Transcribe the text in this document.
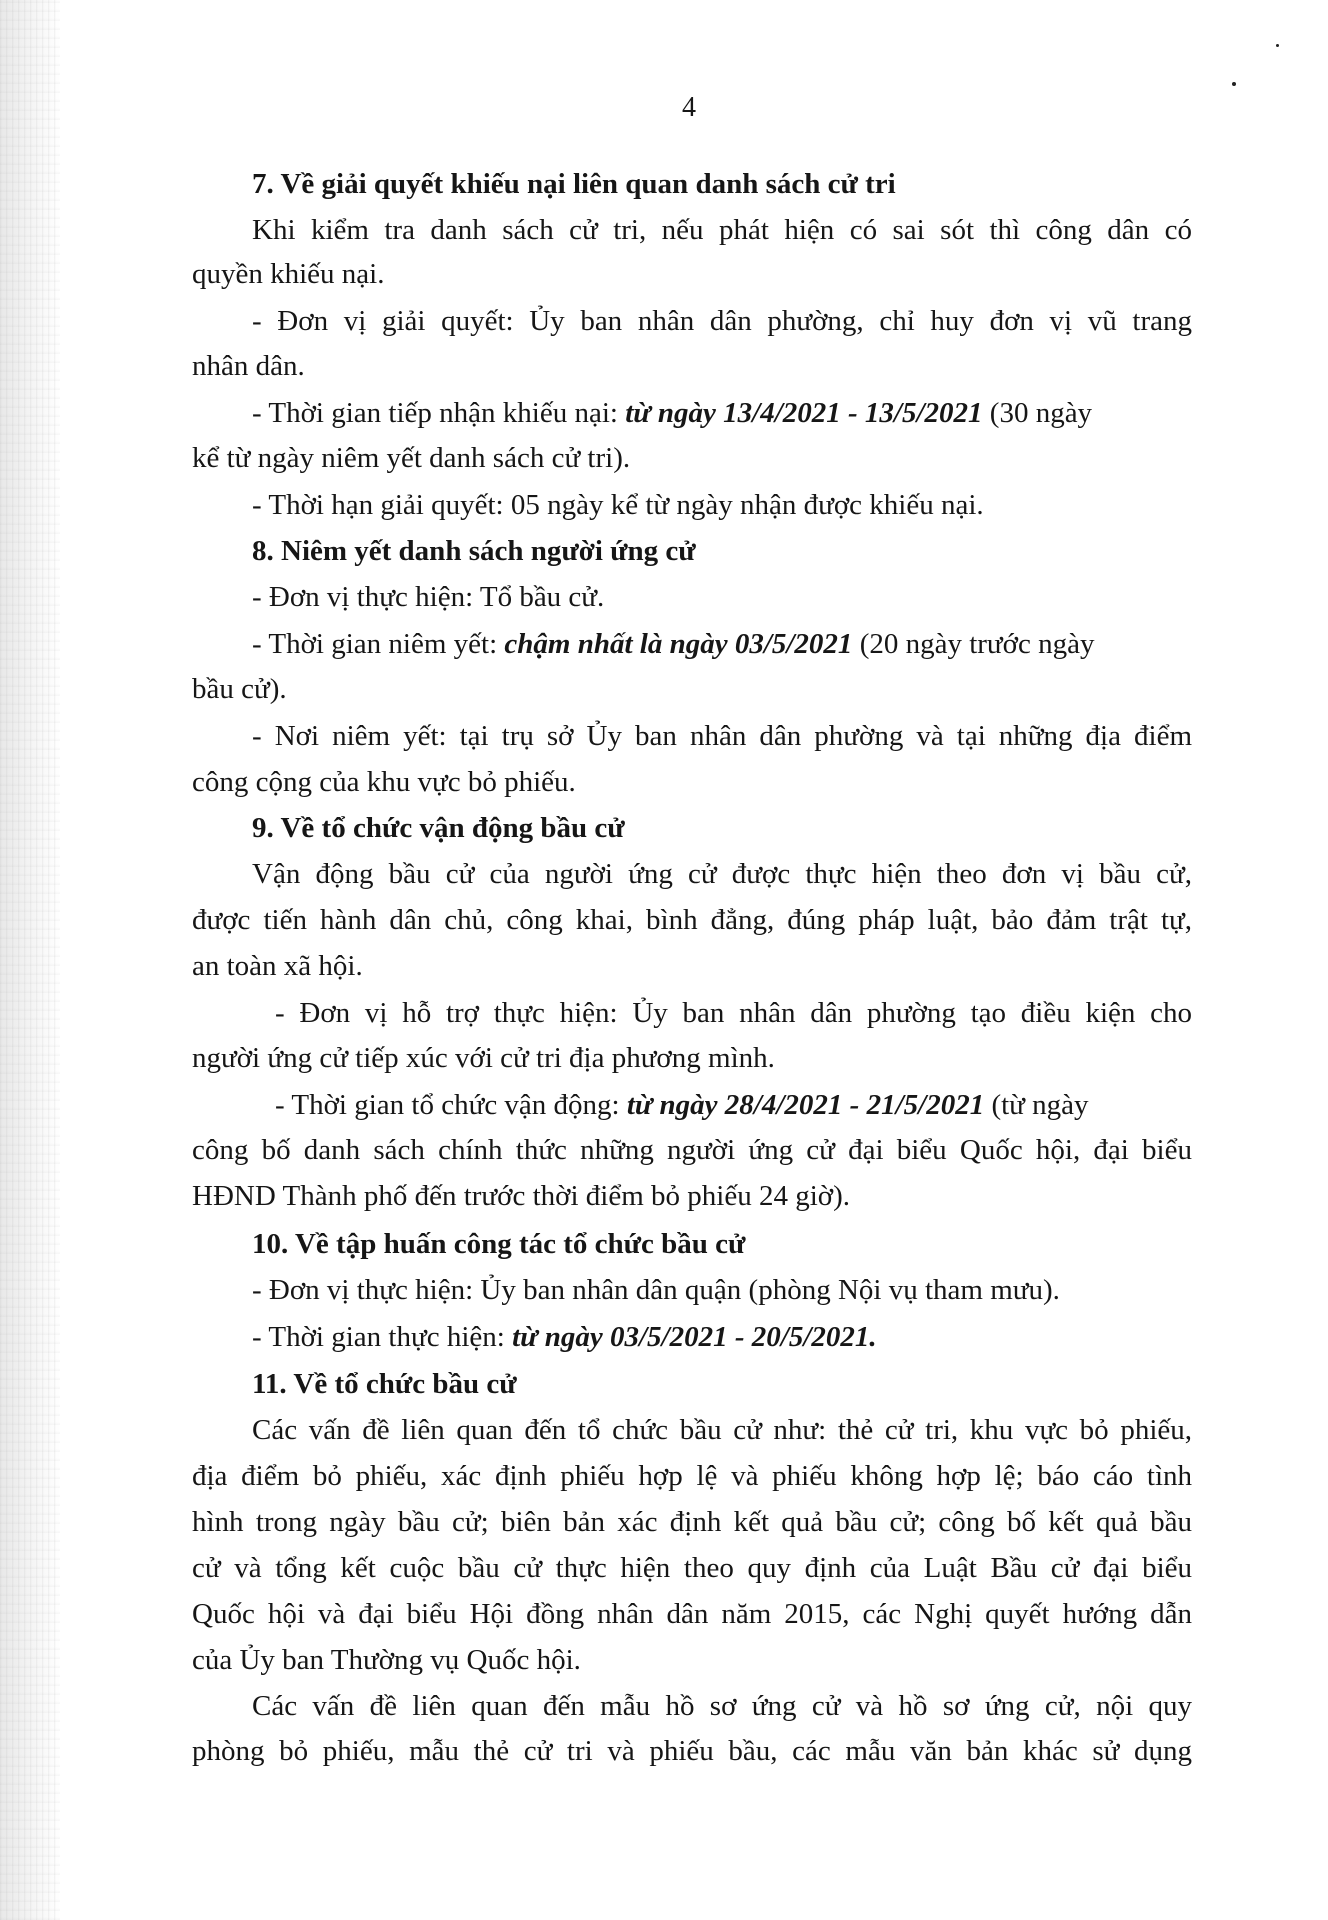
4
7. Về giải quyết khiếu nại liên quan danh sách cử tri
Khi kiểm tra danh sách cử tri, nếu phát hiện có sai sót thì công dân có
quyền khiếu nại.
- Đơn vị giải quyết: Ủy ban nhân dân phường, chỉ huy đơn vị vũ trang
nhân dân.
- Thời gian tiếp nhận khiếu nại: từ ngày 13/4/2021 - 13/5/2021 (30 ngày
kể từ ngày niêm yết danh sách cử tri).
- Thời hạn giải quyết: 05 ngày kể từ ngày nhận được khiếu nại.
8. Niêm yết danh sách người ứng cử
- Đơn vị thực hiện: Tổ bầu cử.
- Thời gian niêm yết: chậm nhất là ngày 03/5/2021 (20 ngày trước ngày
bầu cử).
- Nơi niêm yết: tại trụ sở Ủy ban nhân dân phường và tại những địa điểm
công cộng của khu vực bỏ phiếu.
9. Về tổ chức vận động bầu cử
Vận động bầu cử của người ứng cử được thực hiện theo đơn vị bầu cử,
được tiến hành dân chủ, công khai, bình đẳng, đúng pháp luật, bảo đảm trật tự,
an toàn xã hội.
- Đơn vị hỗ trợ thực hiện: Ủy ban nhân dân phường tạo điều kiện cho
người ứng cử tiếp xúc với cử tri địa phương mình.
- Thời gian tổ chức vận động: từ ngày 28/4/2021 - 21/5/2021 (từ ngày
công bố danh sách chính thức những người ứng cử đại biểu Quốc hội, đại biểu
HĐND Thành phố đến trước thời điểm bỏ phiếu 24 giờ).
10. Về tập huấn công tác tổ chức bầu cử
- Đơn vị thực hiện: Ủy ban nhân dân quận (phòng Nội vụ tham mưu).
- Thời gian thực hiện: từ ngày 03/5/2021 - 20/5/2021.
11. Về tổ chức bầu cử
Các vấn đề liên quan đến tổ chức bầu cử như: thẻ cử tri, khu vực bỏ phiếu,
địa điểm bỏ phiếu, xác định phiếu hợp lệ và phiếu không hợp lệ; báo cáo tình
hình trong ngày bầu cử; biên bản xác định kết quả bầu cử; công bố kết quả bầu
cử và tổng kết cuộc bầu cử thực hiện theo quy định của Luật Bầu cử đại biểu
Quốc hội và đại biểu Hội đồng nhân dân năm 2015, các Nghị quyết hướng dẫn
của Ủy ban Thường vụ Quốc hội.
Các vấn đề liên quan đến mẫu hồ sơ ứng cử và hồ sơ ứng cử, nội quy
phòng bỏ phiếu, mẫu thẻ cử tri và phiếu bầu, các mẫu văn bản khác sử dụng
